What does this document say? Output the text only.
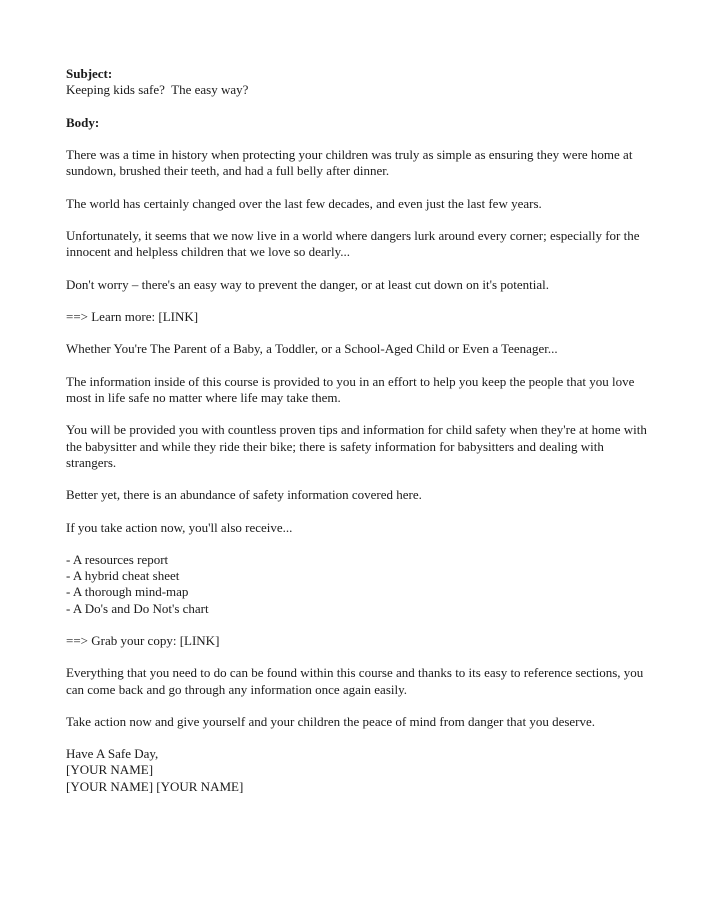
Subject:
Keeping kids safe?  The easy way?
Body:

There was a time in history when protecting your children was truly as simple as ensuring they were home at sundown, brushed their teeth, and had a full belly after dinner.

The world has certainly changed over the last few decades, and even just the last few years.

Unfortunately, it seems that we now live in a world where dangers lurk around every corner; especially for the innocent and helpless children that we love so dearly...

Don't worry – there's an easy way to prevent the danger, or at least cut down on it's potential.

==> Learn more: [LINK]

Whether You're The Parent of a Baby, a Toddler, or a School-Aged Child or Even a Teenager...

The information inside of this course is provided to you in an effort to help you keep the people that you love most in life safe no matter where life may take them.

You will be provided you with countless proven tips and information for child safety when they're at home with the babysitter and while they ride their bike; there is safety information for babysitters and dealing with strangers.

Better yet, there is an abundance of safety information covered here.

If you take action now, you'll also receive...

- A resources report
- A hybrid cheat sheet
- A thorough mind-map
- A Do's and Do Not's chart

==> Grab your copy: [LINK]

Everything that you need to do can be found within this course and thanks to its easy to reference sections, you can come back and go through any information once again easily.

Take action now and give yourself and your children the peace of mind from danger that you deserve.

Have A Safe Day,
[YOUR NAME]
[YOUR NAME] [YOUR NAME]
